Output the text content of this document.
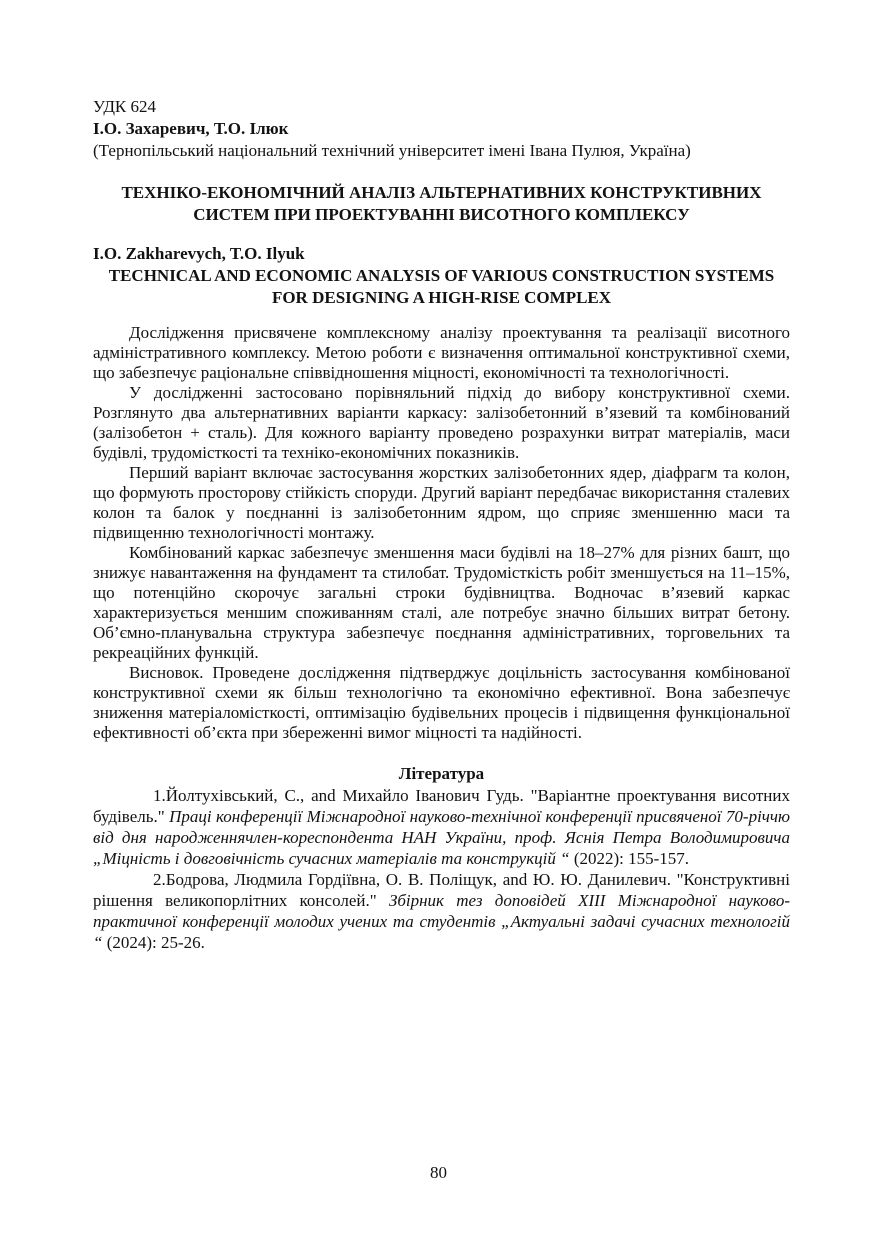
УДК 624

І.О. Захаревич, Т.О. Ілюк

(Тернопільський національний технічний університет імені Івана Пулюя, Україна)

ТЕХНІКО-ЕКОНОМІЧНИЙ АНАЛІЗ АЛЬТЕРНАТИВНИХ КОНСТРУКТИВНИХ СИСТЕМ ПРИ ПРОЕКТУВАННІ ВИСОТНОГО КОМПЛЕКСУ

I.O. Zakharevych, T.O. Ilyuk

TECHNICAL AND ECONOMIC ANALYSIS OF VARIOUS CONSTRUCTION SYSTEMS FOR DESIGNING A HIGH-RISE COMPLEX

Дослідження присвячене комплексному аналізу проектування та реалізації висотного адміністративного комплексу. Метою роботи є визначення оптимальної конструктивної схеми, що забезпечує раціональне співвідношення міцності, економічності та технологічності.

У дослідженні застосовано порівняльний підхід до вибору конструктивної схеми. Розглянуто два альтернативних варіанти каркасу: залізобетонний в’язевий та комбінований (залізобетон + сталь). Для кожного варіанту проведено розрахунки витрат матеріалів, маси будівлі, трудомісткості та техніко-економічних показників.

Перший варіант включає застосування жорстких залізобетонних ядер, діафрагм та колон, що формують просторову стійкість споруди. Другий варіант передбачає використання сталевих колон та балок у поєднанні із залізобетонним ядром, що сприяє зменшенню маси та підвищенню технологічності монтажу.

Комбінований каркас забезпечує зменшення маси будівлі на 18–27% для різних башт, що знижує навантаження на фундамент та стилобат. Трудомісткість робіт зменшується на 11–15%, що потенційно скорочує загальні строки будівництва. Водночас в’язевий каркас характеризується меншим споживанням сталі, але потребує значно більших витрат бетону. Об’ємно-планувальна структура забезпечує поєднання адміністративних, торговельних та рекреаційних функцій.

Висновок. Проведене дослідження підтверджує доцільність застосування комбінованої конструктивної схеми як більш технологічно та економічно ефективної. Вона забезпечує зниження матеріаломісткості, оптимізацію будівельних процесів і підвищення функціональної ефективності об’єкта при збереженні вимог міцності та надійності.

Література

1.Йолтухівський, С., and Михайло Іванович Гудь. "Варіантне проектування висотних будівель." Праці конференції Міжнародної науково-технічної конференції присвяченої 70-річчю від дня народженнячлен-кореспондента НАН України, проф. Яснія Петра Володимировича „Міцність і довговічність сучасних матеріалів та конструкцій “ (2022): 155-157.

2.Бодрова, Людмила Гордіївна, О. В. Поліщук, and Ю. Ю. Данилевич. "Конструктивні рішення великопорлітних консолей." Збірник тез доповідей XIII Міжнародної науково-практичної конференції молодих учених та студентів „Актуальні задачі сучасних технологій “ (2024): 25-26.

80
